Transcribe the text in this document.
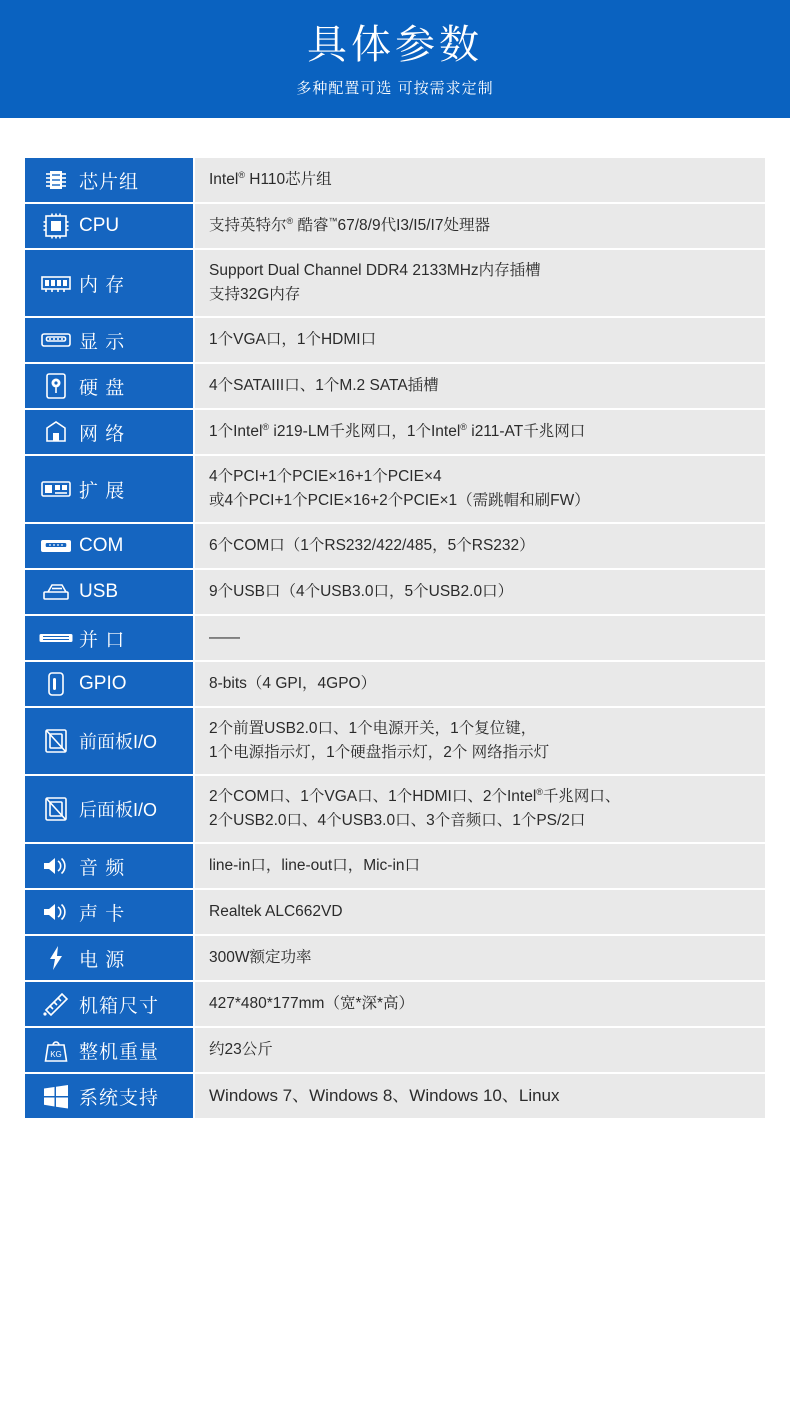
具体参数
多种配置可选 可按需求定制
芯片组	Intel® H110芯片组

CPU	支持英特尔® 酷睿™67/8/9代I3/I5/I7处理器

内 存	Support Dual Channel DDR4 2133MHz内存插槽
支持32G内存

显 示	1个VGA口，1个HDMI口

硬 盘	4个SATAIII口、1个M.2 SATA插槽

网 络	1个Intel® i219-LM千兆网口，1个Intel® i211-AT千兆网口

扩 展	4个PCI+1个PCIE×16+1个PCIE×4
或4个PCI+1个PCIE×16+2个PCIE×1（需跳帽和刷FW）

COM	6个COM口（1个RS232/422/485，5个RS232）

USB	9个USB口（4个USB3.0口，5个USB2.0口）

并 口	——

GPIO	8-bits（4 GPI，4GPO）

前面板I/O	2个前置USB2.0口、1个电源开关，1个复位键，
1个电源指示灯，1个硬盘指示灯，2个 网络指示灯

后面板I/O	2个COM口、1个VGA口、1个HDMI口、2个Intel®千兆网口、
2个USB2.0口、4个USB3.0口、3个音频口、1个PS/2口

音 频	line-in口，line-out口，Mic-in口

声 卡	Realtek ALC662VD

电 源	300W额定功率

机箱尺寸	427*480*177mm（宽*深*高）

KG 整机重量	约23公斤

系统支持	Windows 7、Windows 8、Windows 10、Linux
